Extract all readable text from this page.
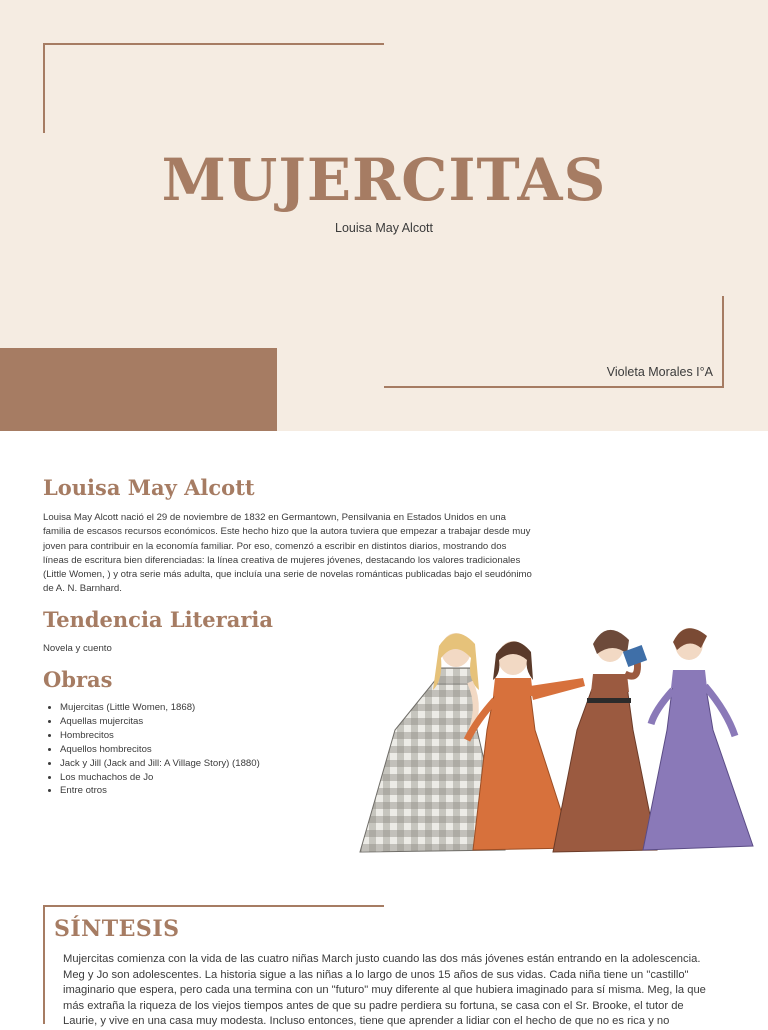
MUJERCITAS
Louisa May Alcott
Violeta Morales I°A
Louisa May Alcott

Louisa May Alcott nació el 29 de noviembre de 1832 en Germantown, Pensilvania en Estados Unidos en una familia de escasos recursos económicos. Este hecho hizo que la autora tuviera que empezar a trabajar desde muy joven para contribuir en la economía familiar. Por eso, comenzó a escribir en distintos diarios, mostrando dos líneas de escritura bien diferenciadas: la línea creativa de mujeres jóvenes, destacando los valores tradicionales (Little Women, ) y otra serie más adulta, que incluía una serie de novelas románticas publicadas bajo el seudónimo de A. N. Barnhard.

Tendencia Literaria

Novela y cuento

Obras
• Mujercitas (Little Women, 1868)
• Aquellas mujercitas
• Hombrecitos
• Aquellos hombrecitos
• Jack y Jill (Jack and Jill: A Village Story) (1880)
• Los muchachos de Jo
• Entre otros
SÍNTESIS

Mujercitas comienza con la vida de las cuatro niñas March justo cuando las dos más jóvenes están entrando en la adolescencia. Meg y Jo son adolescentes. La historia sigue a las niñas a lo largo de unos 15 años de sus vidas. Cada niña tiene un "castillo" imaginario que espera, pero cada una termina con un "futuro" muy diferente al que hubiera imaginado para sí misma. Meg, la que más extraña la riqueza de los viejos tiempos antes de que su padre perdiera su fortuna, se casa con el Sr. Brooke, el tutor de Laurie, y vive en una casa muy modesta. Incluso entonces, tiene que aprender a lidiar con el hecho de que no es rica y no
